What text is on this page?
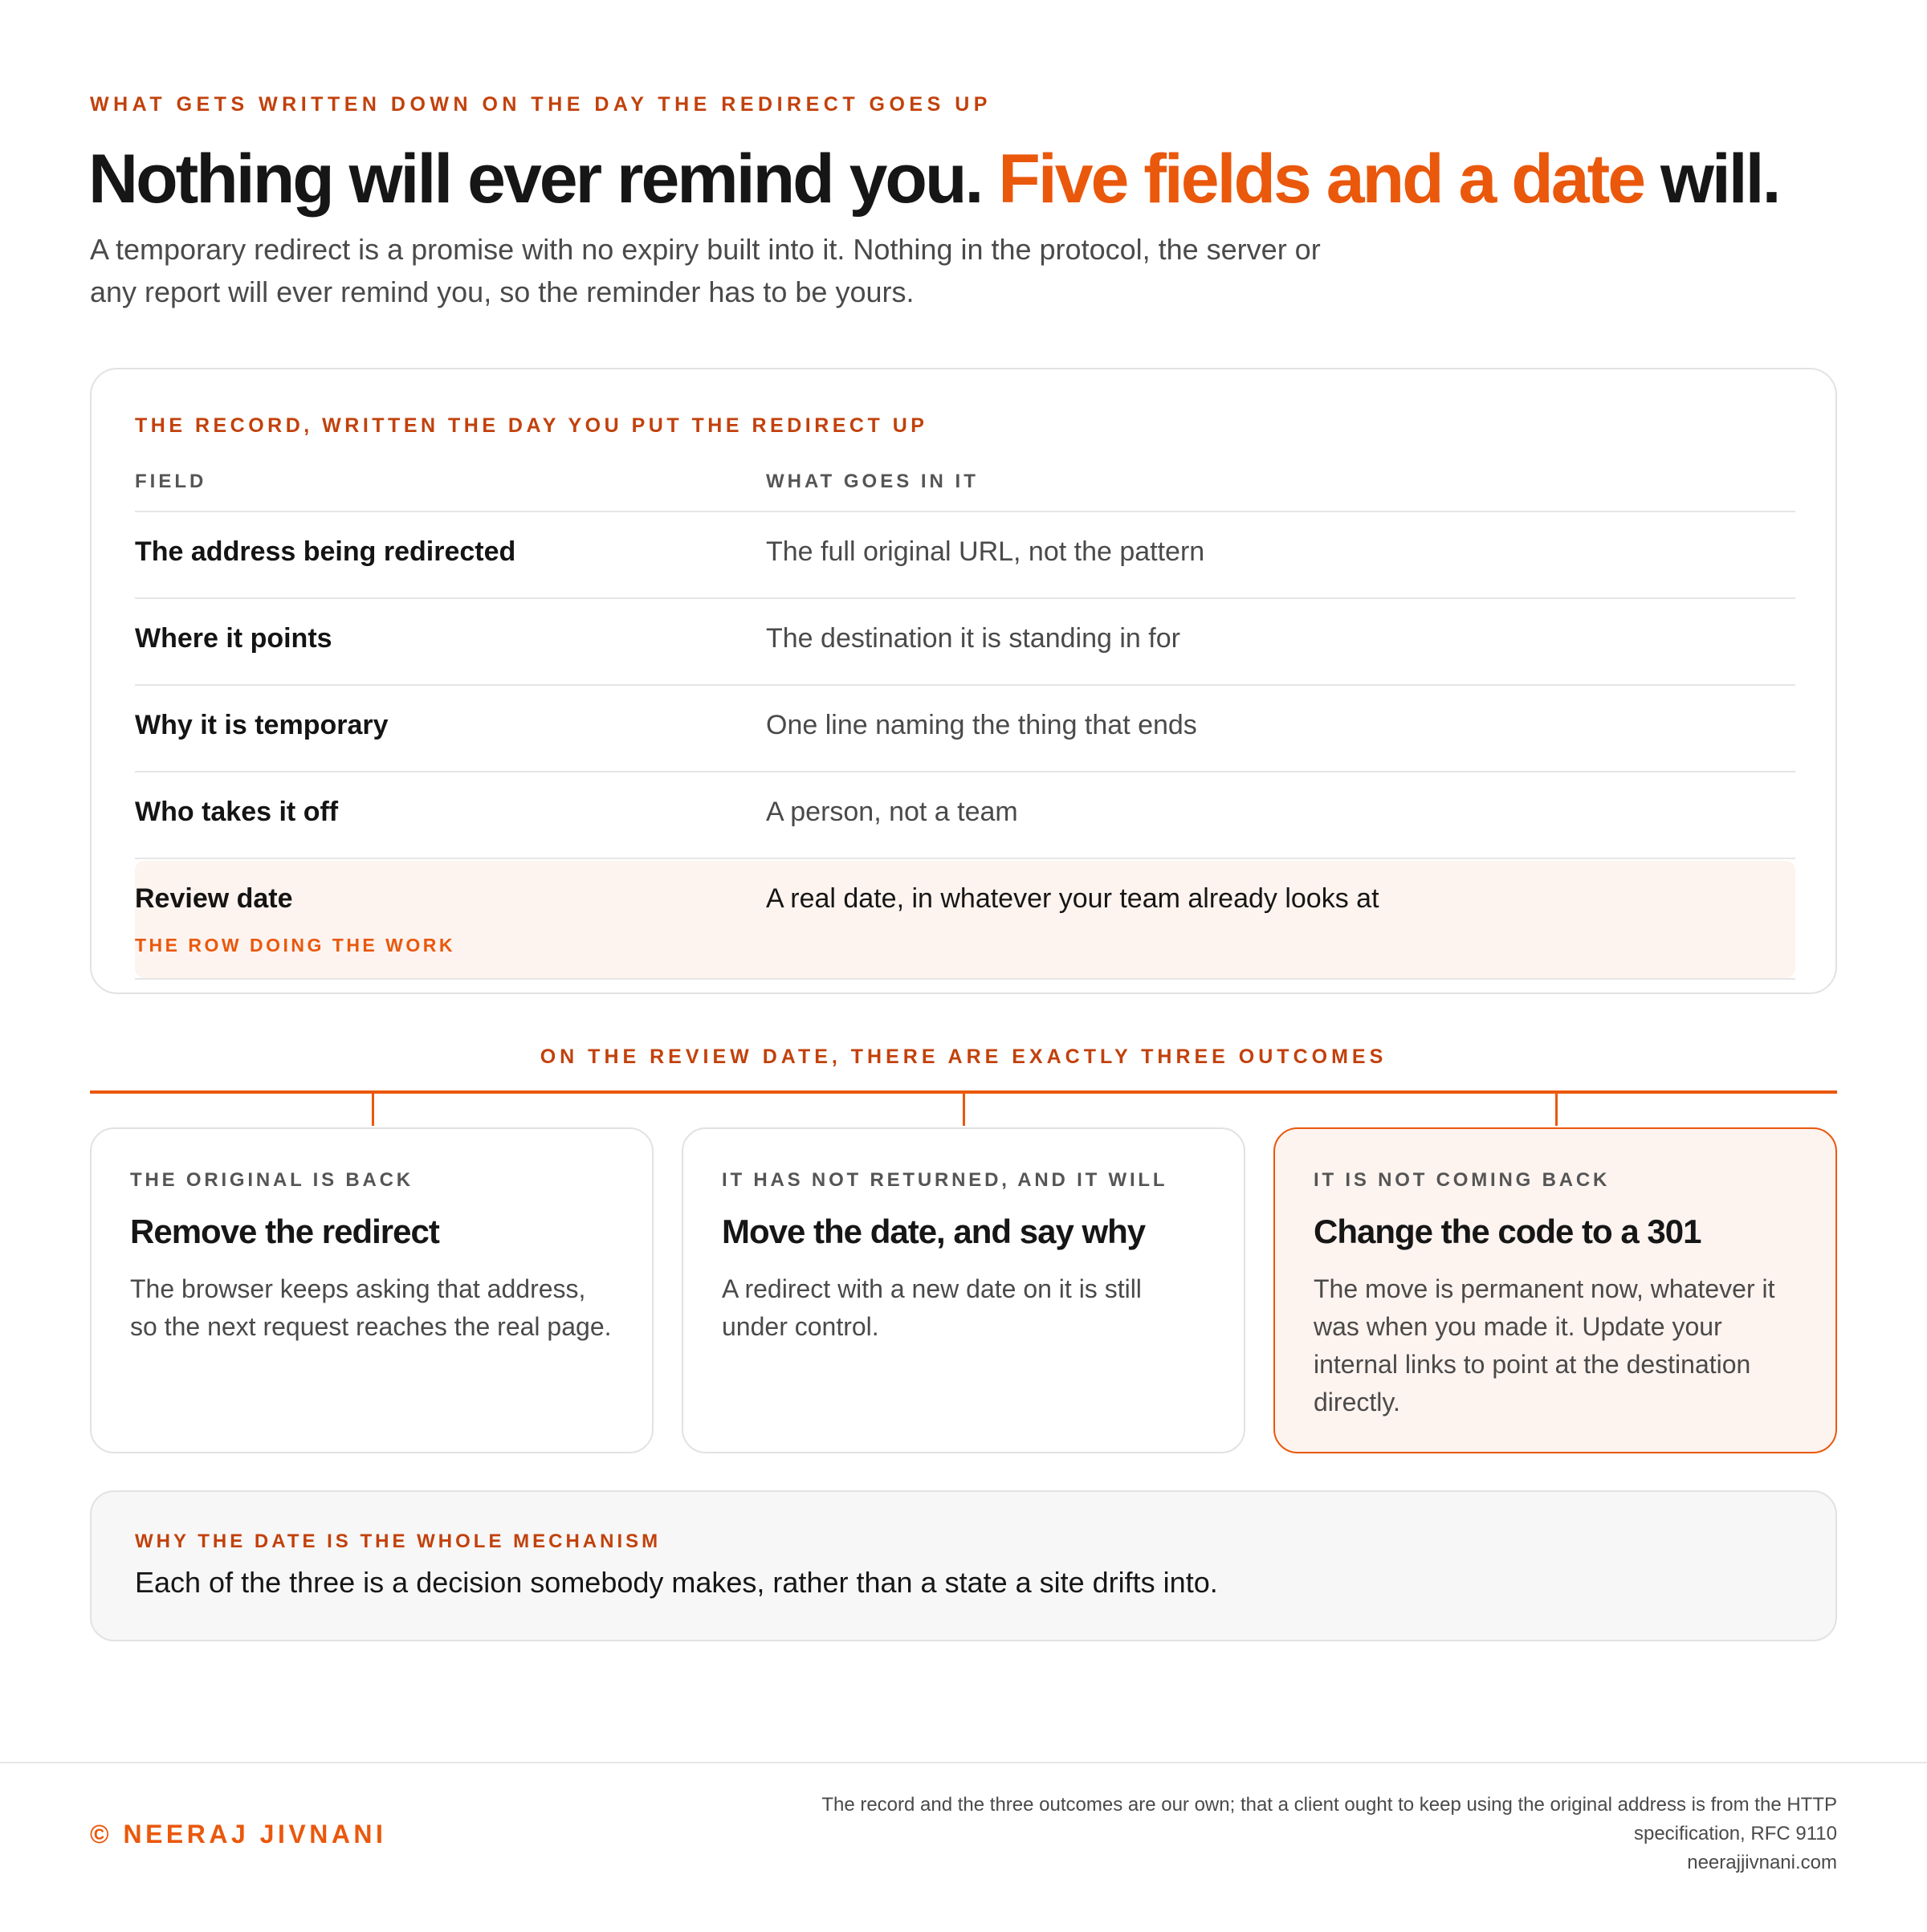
WHAT GETS WRITTEN DOWN ON THE DAY THE REDIRECT GOES UP
Nothing will ever remind you. Five fields and a date will.

A temporary redirect is a promise with no expiry built into it. Nothing in the protocol, the server or any report will ever remind you, so the reminder has to be yours.

THE RECORD, WRITTEN THE DAY YOU PUT THE REDIRECT UP
FIELD	WHAT GOES IN IT
The address being redirected	The full original URL, not the pattern
Where it points	The destination it is standing in for
Why it is temporary	One line naming the thing that ends
Who takes it off	A person, not a team
Review date	A real date, in whatever your team already looks at
THE ROW DOING THE WORK
ON THE REVIEW DATE, THERE ARE EXACTLY THREE OUTCOMES
THE ORIGINAL IS BACK
Remove the redirect

The browser keeps asking that address, so the next request reaches the real page.

IT HAS NOT RETURNED, AND IT WILL
Move the date, and say why

A redirect with a new date on it is still under control.

IT IS NOT COMING BACK
Change the code to a 301

The move is permanent now, whatever it was when you made it. Update your internal links to point at the destination directly.

WHY THE DATE IS THE WHOLE MECHANISM
Each of the three is a decision somebody makes, rather than a state a site drifts into.
© NEERAJ JIVNANI
The record and the three outcomes are our own; that a client ought to keep using the original address is from the HTTP specification, RFC 9110
neerajjivnani.com
